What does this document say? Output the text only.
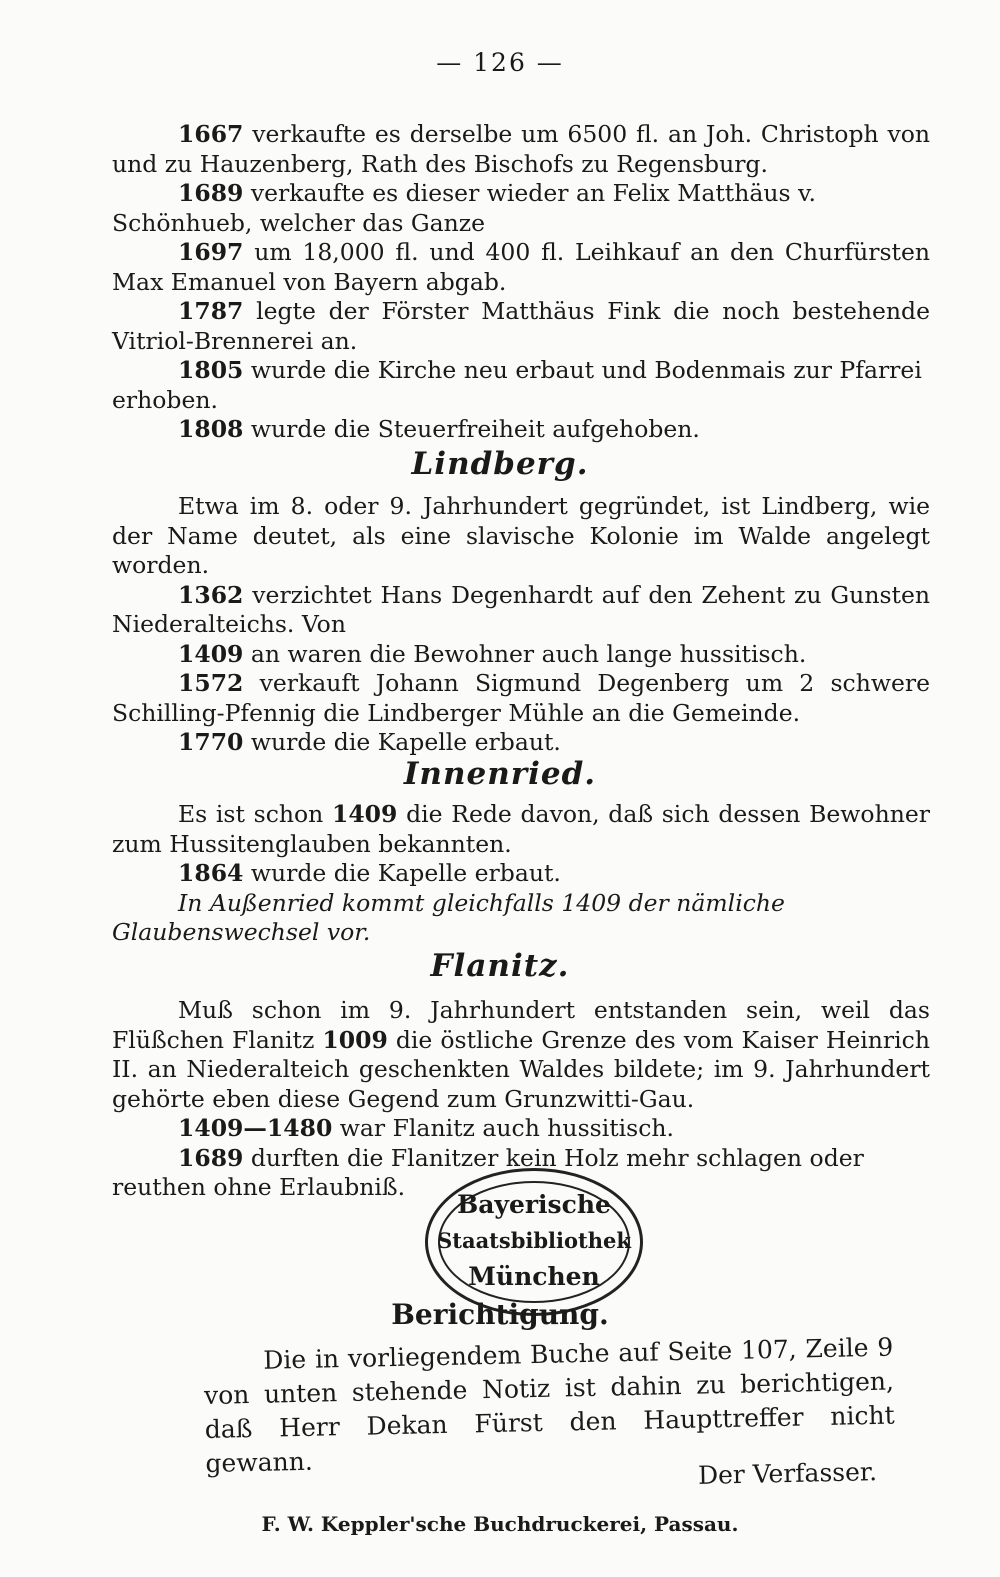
— 126 —

1667 verkaufte es derselbe um 6500 fl. an Joh. Christoph von und zu Hauzenberg, Rath des Bischofs zu Regensburg.

1689 verkaufte es dieser wieder an Felix Matthäus v. Schönhueb, welcher das Ganze

1697 um 18,000 fl. und 400 fl. Leihkauf an den Churfürsten Max Emanuel von Bayern abgab.

1787 legte der Förster Matthäus Fink die noch bestehende Vitriol-Brennerei an.

1805 wurde die Kirche neu erbaut und Bodenmais zur Pfarrei erhoben.

1808 wurde die Steuerfreiheit aufgehoben.

Lindberg.

Etwa im 8. oder 9. Jahrhundert gegründet, ist Lindberg, wie der Name deutet, als eine slavische Kolonie im Walde angelegt worden.

1362 verzichtet Hans Degenhardt auf den Zehent zu Gunsten Niederalteichs. Von

1409 an waren die Bewohner auch lange hussitisch.

1572 verkauft Johann Sigmund Degenberg um 2 schwere Schilling-Pfennig die Lindberger Mühle an die Gemeinde.

1770 wurde die Kapelle erbaut.

Innenried.

Es ist schon 1409 die Rede davon, daß sich dessen Bewohner zum Hussitenglauben bekannten.

1864 wurde die Kapelle erbaut.

In Außenried kommt gleichfalls 1409 der nämliche Glaubenswechsel vor.

Flanitz.

Muß schon im 9. Jahrhundert entstanden sein, weil das Flüßchen Flanitz 1009 die östliche Grenze des vom Kaiser Heinrich II. an Niederalteich geschenkten Waldes bildete; im 9. Jahrhundert gehörte eben diese Gegend zum Grunzwitti-Gau.

1409—1480 war Flanitz auch hussitisch.

1689 durften die Flanitzer kein Holz mehr schlagen oder reuthen ohne Erlaubniß.

Bayerische
Staatsbibliothek
München
Berichtigung.

Die in vorliegendem Buche auf Seite 107, Zeile 9 von unten stehende Notiz ist dahin zu berichtigen, daß Herr Dekan Fürst den Haupttreffer nicht gewann.	Der Verfasser.
F. W. Keppler'sche Buchdruckerei, Passau.
